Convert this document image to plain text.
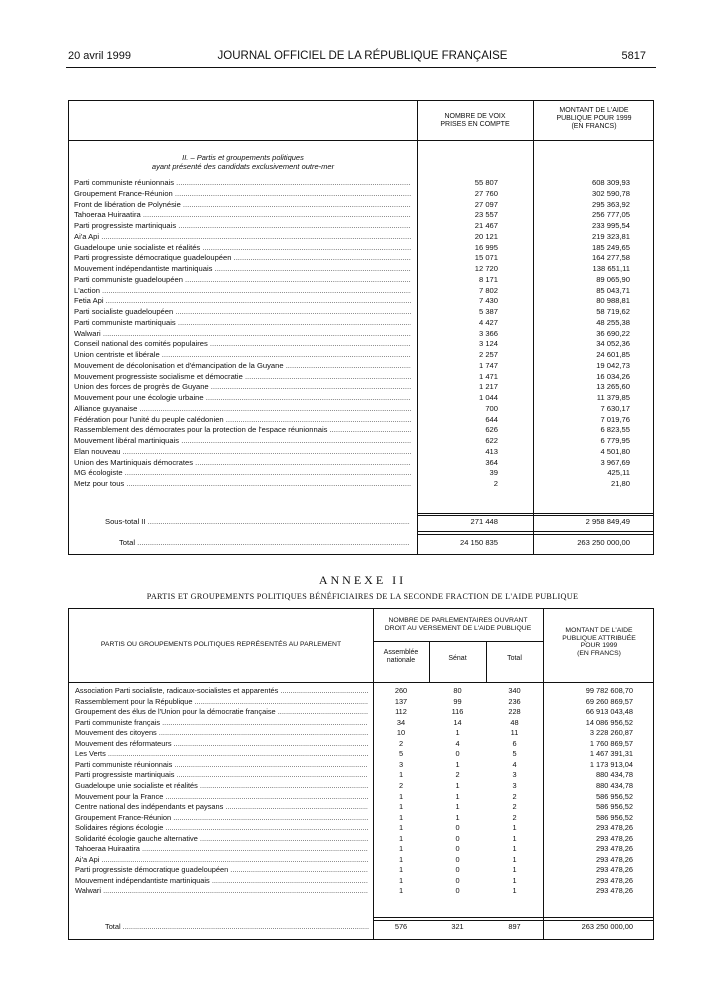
20 avril 1999	JOURNAL OFFICIEL DE LA RÉPUBLIQUE FRANÇAISE	5817
NOMBRE DE VOIX
PRISES EN COMPTE
MONTANT DE L'AIDE
PUBLIQUE POUR 1999
(EN FRANCS)
II. – Partis et groupements politiques
ayant présenté des candidats exclusivement outre-mer
Parti communiste réunionnais .....	55 807	608 309,93
Groupement France-Réunion .....	27 760	302 590,78
Front de libération de Polynésie .....	27 097	295 363,92
Tahoeraa Huiraatira .....	23 557	256 777,05
Parti progressiste martiniquais .....	21 467	233 995,54
Ai'a Api .....	20 121	219 323,81
Guadeloupe unie socialiste et réalités .....	16 995	185 249,65
Parti progressiste démocratique guadeloupéen .....	15 071	164 277,58
Mouvement indépendantiste martiniquais .....	12 720	138 651,11
Parti communiste guadeloupéen .....	8 171	89 065,90
L'action .....	7 802	85 043,71
Fetia Api .....	7 430	80 988,81
Parti socialiste guadeloupéen .....	5 387	58 719,62
Parti communiste martiniquais .....	4 427	48 255,38
Walwari .....	3 366	36 690,22
Conseil national des comités populaires .....	3 124	34 052,36
Union centriste et libérale .....	2 257	24 601,85
Mouvement de décolonisation et d'émancipation de la Guyane .....	1 747	19 042,73
Mouvement progressiste socialisme et démocratie .....	1 471	16 034,26
Union des forces de progrès de Guyane .....	1 217	13 265,60
Mouvement pour une écologie urbaine .....	1 044	11 379,85
Alliance guyanaise .....	700	7 630,17
Fédération pour l'unité du peuple calédonien .....	644	7 019,76
Rassemblement des démocrates pour la protection de l'espace réunionnais .....	626	6 823,55
Mouvement libéral martiniquais .....	622	6 779,95
Elan nouveau .....	413	4 501,80
Union des Martiniquais démocrates .....	364	3 967,69
MG écologiste .....	39	425,11
Metz pour tous .....	2	21,80
Sous-total II .....	271 448	2 958 849,49
Total .....	24 150 835	263 250 000,00
ANNEXE II
PARTIS ET GROUPEMENTS POLITIQUES BÉNÉFICIAIRES DE LA SECONDE FRACTION DE L'AIDE PUBLIQUE
PARTIS OU GROUPEMENTS POLITIQUES REPRÉSENTÉS AU PARLEMENT
NOMBRE DE PARLEMENTAIRES OUVRANT
DROIT AU VERSEMENT DE L'AIDE PUBLIQUE
Assemblée
nationale	Sénat	Total
MONTANT DE L'AIDE
PUBLIQUE ATTRIBUÉE
POUR 1999
(EN FRANCS)
Association Parti socialiste, radicaux-socialistes et apparentés .....	260	80	340	99 782 608,70
Rassemblement pour la République .....	137	99	236	69 260 869,57
Groupement des élus de l'Union pour la démocratie française .....	112	116	228	66 913 043,48
Parti communiste français .....	34	14	48	14 086 956,52
Mouvement des citoyens .....	10	1	11	3 228 260,87
Mouvement des réformateurs .....	2	4	6	1 760 869,57
Les Verts .....	5	0	5	1 467 391,31
Parti communiste réunionnais .....	3	1	4	1 173 913,04
Parti progressiste martiniquais .....	1	2	3	880 434,78
Guadeloupe unie socialiste et réalités .....	2	1	3	880 434,78
Mouvement pour la France .....	1	1	2	586 956,52
Centre national des indépendants et paysans .....	1	1	2	586 956,52
Groupement France-Réunion .....	1	1	2	586 956,52
Solidaires régions écologie .....	1	0	1	293 478,26
Solidarité écologie gauche alternative .....	1	0	1	293 478,26
Tahoeraa Huiraatira .....	1	0	1	293 478,26
Ai'a Api .....	1	0	1	293 478,26
Parti progressiste démocratique guadeloupéen .....	1	0	1	293 478,26
Mouvement indépendantiste martiniquais .....	1	0	1	293 478,26
Walwari .....	1	0	1	293 478,26
Total .....	576	321	897	263 250 000,00
